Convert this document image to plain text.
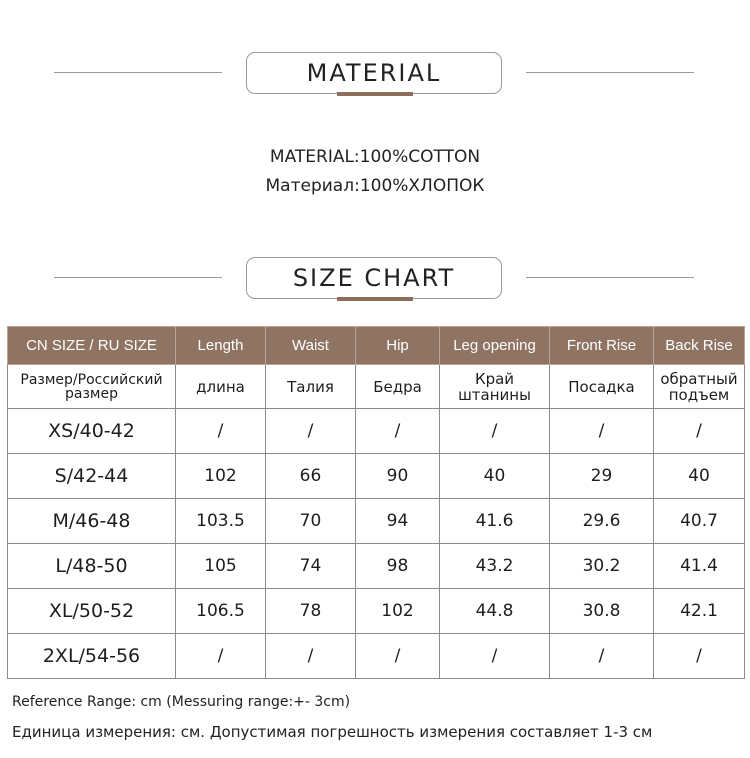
MATERIAL
MATERIAL:100%COTTON
Материал:100%ХЛОПОК
SIZE CHART
CN SIZE / RU SIZE	Length	Waist	Hip	Leg opening	Front Rise	Back Rise
Размер/Российский размер	длина	Талия	Бедра	Край штанины	Посадка	обратный подъем
XS/40-42	/	/	/	/	/	/
S/42-44	102	66	90	40	29	40
M/46-48	103.5	70	94	41.6	29.6	40.7
L/48-50	105	74	98	43.2	30.2	41.4
XL/50-52	106.5	78	102	44.8	30.8	42.1
2XL/54-56	/	/	/	/	/	/
Reference Range: cm (Messuring range:+- 3cm)
Единица измерения: см. Допустимая погрешность измерения составляет 1-3 см
